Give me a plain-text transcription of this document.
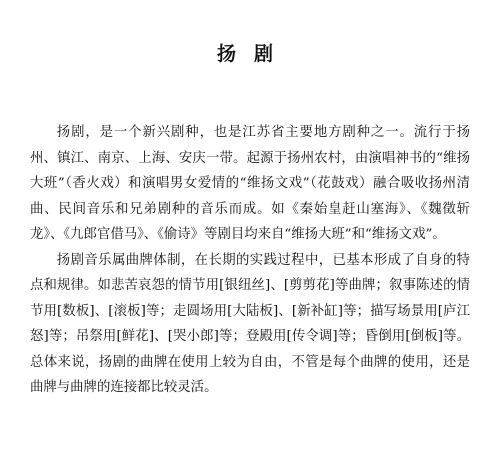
扬剧

扬剧，是一个新兴剧种，也是江苏省主要地方剧种之一。流行于扬州、镇江、南京、上海、安庆一带。起源于扬州农村，由演唱神书的“维扬大班”（香火戏）和演唱男女爱情的“维扬文戏”（花鼓戏）融合吸收扬州清曲、民间音乐和兄弟剧种的音乐而成。如《秦始皇赶山塞海》、《魏徵斩龙》、《九郎官借马》、《偷诗》等剧目均来自“维扬大班”和“维扬文戏”。

扬剧音乐属曲牌体制，在长期的实践过程中，已基本形成了自身的特点和规律。如悲苦哀怨的情节用[银纽丝]、[剪剪花]等曲牌；叙事陈述的情节用[数板]、[滚板]等；走圆场用[大陆板]、[新补缸]等；描写场景用[庐江怒]等；吊祭用[鲜花]、[哭小郎]等；登殿用[传令调]等；昏倒用[倒板]等。总体来说，扬剧的曲牌在使用上较为自由，不管是每个曲牌的使用，还是曲牌与曲牌的连接都比较灵活。
